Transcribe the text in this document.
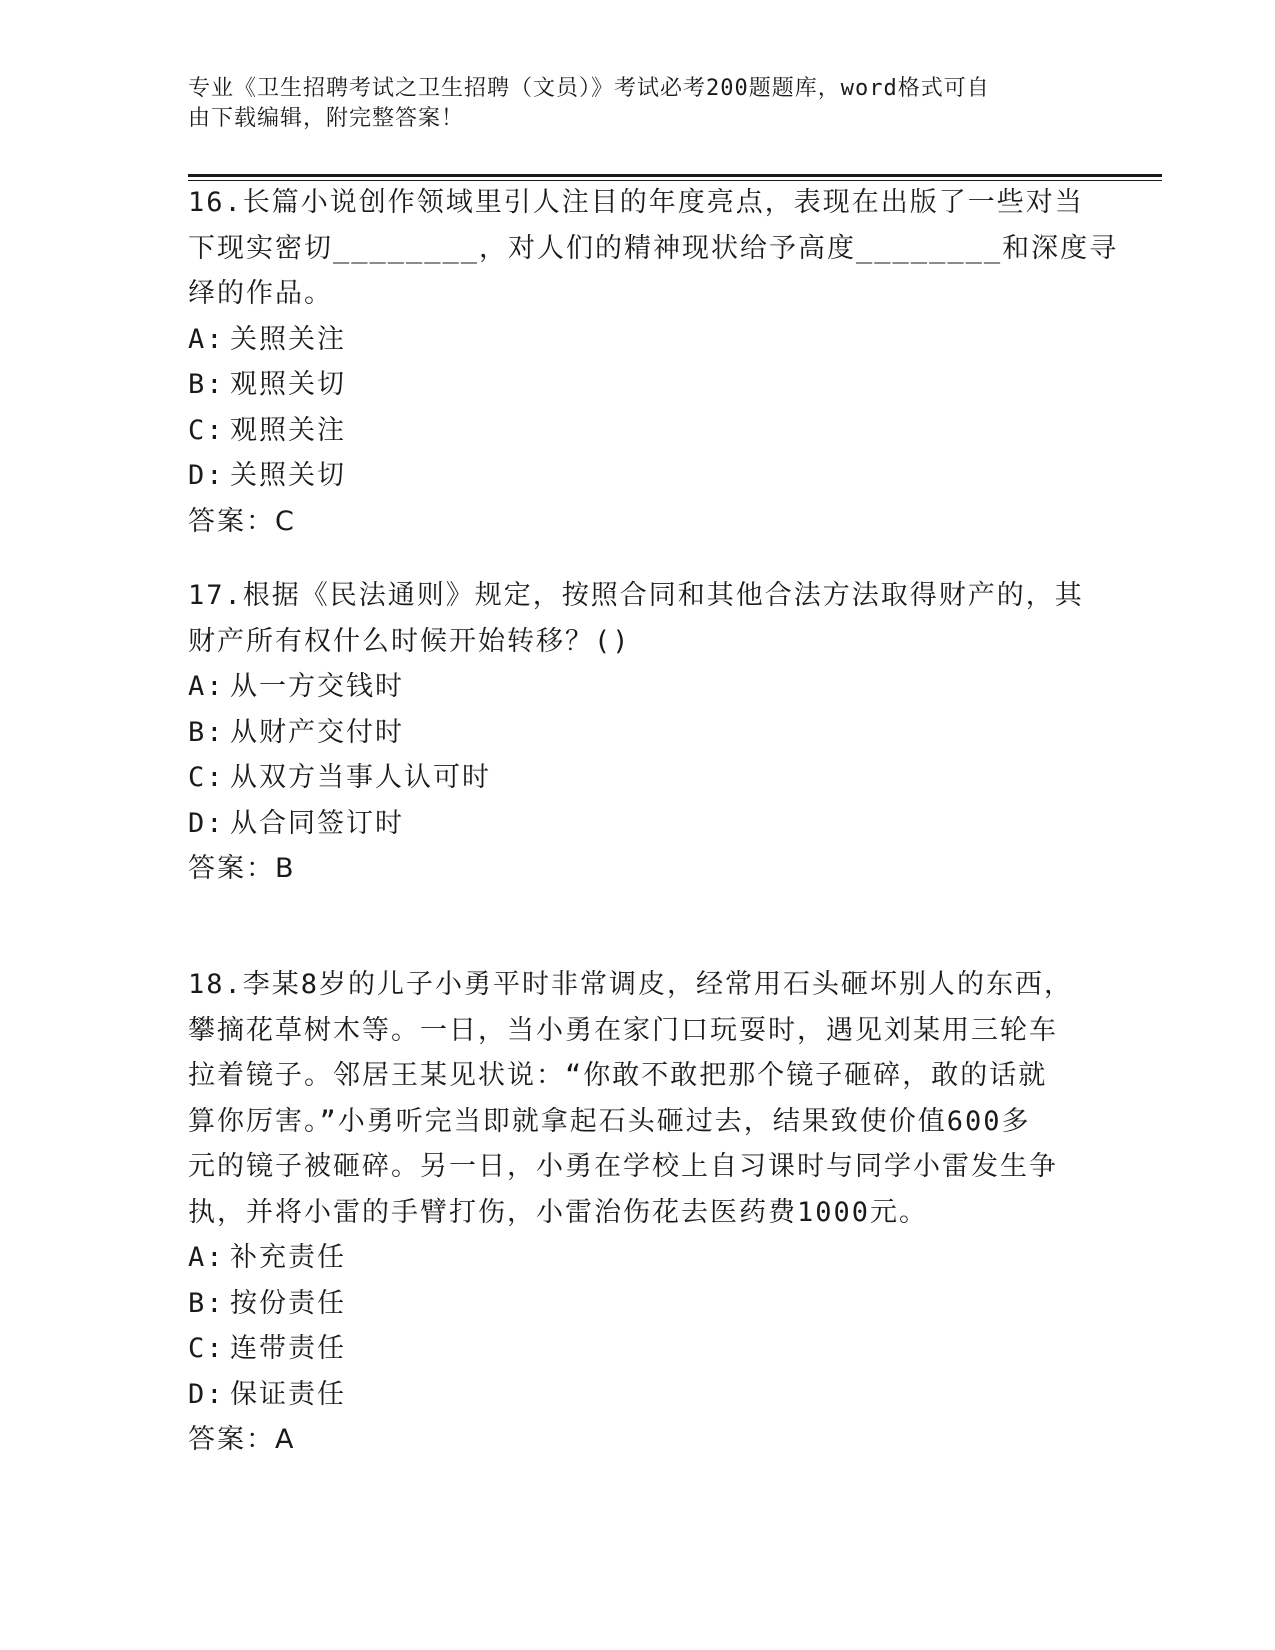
专业《卫生招聘考试之卫生招聘（文员）》考试必考200题题库，word格式可自
由下载编辑，附完整答案！
16.长篇小说创作领域里引人注目的年度亮点，表现在出版了一些对当
下现实密切________，对人们的精神现状给予高度________和深度寻
绎的作品。
A: 关照关注
B: 观照关切
C: 观照关注
D: 关照关切
答案：C
17.根据《民法通则》规定，按照合同和其他合法方法取得财产的，其
财产所有权什么时候开始转移？()
A: 从一方交钱时
B: 从财产交付时
C: 从双方当事人认可时
D: 从合同签订时
答案：B
18.李某8岁的儿子小勇平时非常调皮，经常用石头砸坏别人的东西，
攀摘花草树木等。一日，当小勇在家门口玩耍时，遇见刘某用三轮车
拉着镜子。邻居王某见状说：“你敢不敢把那个镜子砸碎，敢的话就
算你厉害。”小勇听完当即就拿起石头砸过去，结果致使价值600多
元的镜子被砸碎。另一日，小勇在学校上自习课时与同学小雷发生争
执，并将小雷的手臂打伤，小雷治伤花去医药费1000元。
A: 补充责任
B: 按份责任
C: 连带责任
D: 保证责任
答案：A
